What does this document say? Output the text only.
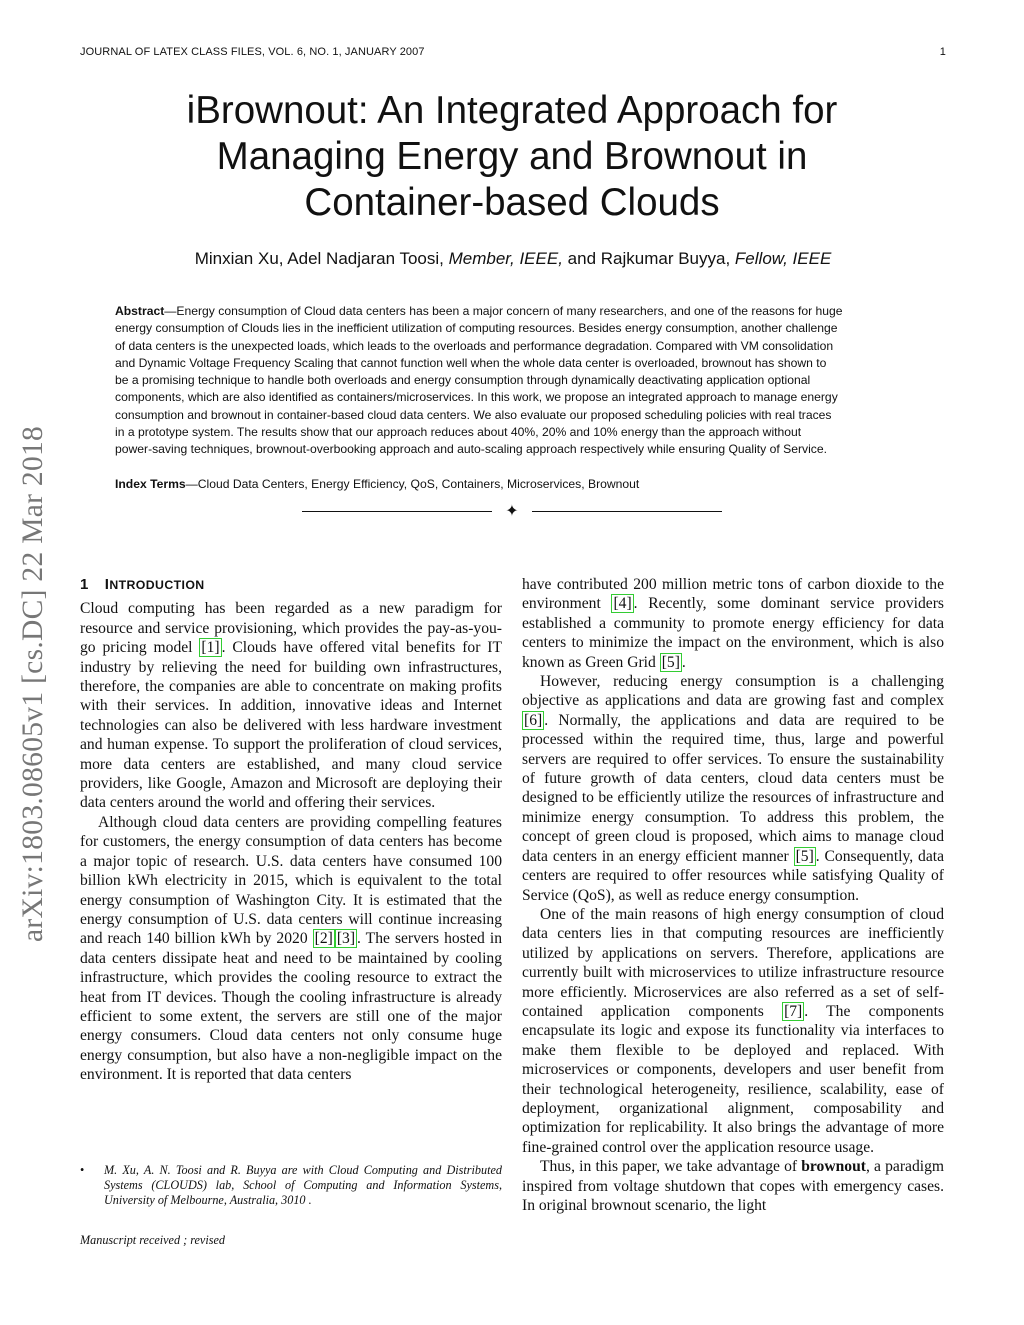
JOURNAL OF LATEX CLASS FILES, VOL. 6, NO. 1, JANUARY 2007	1
iBrownout: An Integrated Approach for
Managing Energy and Brownout in
Container-based Clouds
Minxian Xu, Adel Nadjaran Toosi, Member, IEEE, and Rajkumar Buyya, Fellow, IEEE
Abstract—Energy consumption of Cloud data centers has been a major concern of many researchers, and one of the reasons for huge
energy consumption of Clouds lies in the inefficient utilization of computing resources. Besides energy consumption, another challenge
of data centers is the unexpected loads, which leads to the overloads and performance degradation. Compared with VM consolidation
and Dynamic Voltage Frequency Scaling that cannot function well when the whole data center is overloaded, brownout has shown to
be a promising technique to handle both overloads and energy consumption through dynamically deactivating application optional
components, which are also identified as containers/microservices. In this work, we propose an integrated approach to manage energy
consumption and brownout in container-based cloud data centers. We also evaluate our proposed scheduling policies with real traces
in a prototype system. The results show that our approach reduces about 40%, 20% and 10% energy than the approach without
power-saving techniques, brownout-overbooking approach and auto-scaling approach respectively while ensuring Quality of Service.
Index Terms—Cloud Data Centers, Energy Efficiency, QoS, Containers, Microservices, Brownout
✦
arXiv:1803.08605v1 [cs.DC] 22 Mar 2018 1 INTRODUCTION

Cloud computing has been regarded as a new paradigm for resource and service provisioning, which provides the pay-as-you-go pricing model [1] . Clouds have offered vital benefits for IT industry by relieving the need for building own infrastructures, therefore, the companies are able to concentrate on making profits with their services. In addition, innovative ideas and Internet technologies can also be delivered with less hardware investment and human expense. To support the proliferation of cloud services, more data centers are established, and many cloud service providers, like Google, Amazon and Microsoft are deploying their data centers around the world and offering their services.

Although cloud data centers are providing compelling features for customers, the energy consumption of data centers has become a major topic of research. U.S. data centers have consumed 100 billion kWh electricity in 2015, which is equivalent to the total energy consumption of Washington City. It is estimated that the energy consumption of U.S. data centers will continue increasing and reach 140 billion kWh by 2020 [2] [3] . The servers hosted in data centers dissipate heat and need to be maintained by cooling infrastructure, which provides the cooling resource to extract the heat from IT devices. Though the cooling infrastructure is already efficient to some extent, the servers are still one of the major energy consumers. Cloud data centers not only consume huge energy consumption, but also have a non-negligible impact on the environment. It is reported that data centers

have contributed 200 million metric tons of carbon dioxide to the environment [4] . Recently, some dominant service providers established a community to promote energy efficiency for data centers to minimize the impact on the environment, which is also known as Green Grid [5] .

However, reducing energy consumption is a challenging objective as applications and data are growing fast and complex [6] . Normally, the applications and data are required to be processed within the required time, thus, large and powerful servers are required to offer services. To ensure the sustainability of future growth of data centers, cloud data centers must be designed to be efficiently utilize the resources of infrastructure and minimize energy consumption. To address this problem, the concept of green cloud is proposed, which aims to manage cloud data centers in an energy efficient manner [5] . Consequently, data centers are required to offer resources while satisfying Quality of Service (QoS), as well as reduce energy consumption.

One of the main reasons of high energy consumption of cloud data centers lies in that computing resources are inefficiently utilized by applications on servers. Therefore, applications are currently built with microservices to utilize infrastructure resource more efficiently. Microservices are also referred as a set of self-contained application components [7] . The components encapsulate its logic and expose its functionality via interfaces to make them flexible to be deployed and replaced. With microservices or components, developers and user benefit from their technological heterogeneity, resilience, scalability, ease of deployment, organizational alignment, composability and optimization for replicability. It also brings the advantage of more fine-grained control over the application resource usage.

Thus, in this paper, we take advantage of brownout, a paradigm inspired from voltage shutdown that copes with emergency cases. In original brownout scenario, the light

• M. Xu, A. N. Toosi and R. Buyya are with Cloud Computing and Distributed Systems (CLOUDS) lab, School of Computing and Information Systems, University of Melbourne, Australia, 3010 .
Manuscript received ; revised
